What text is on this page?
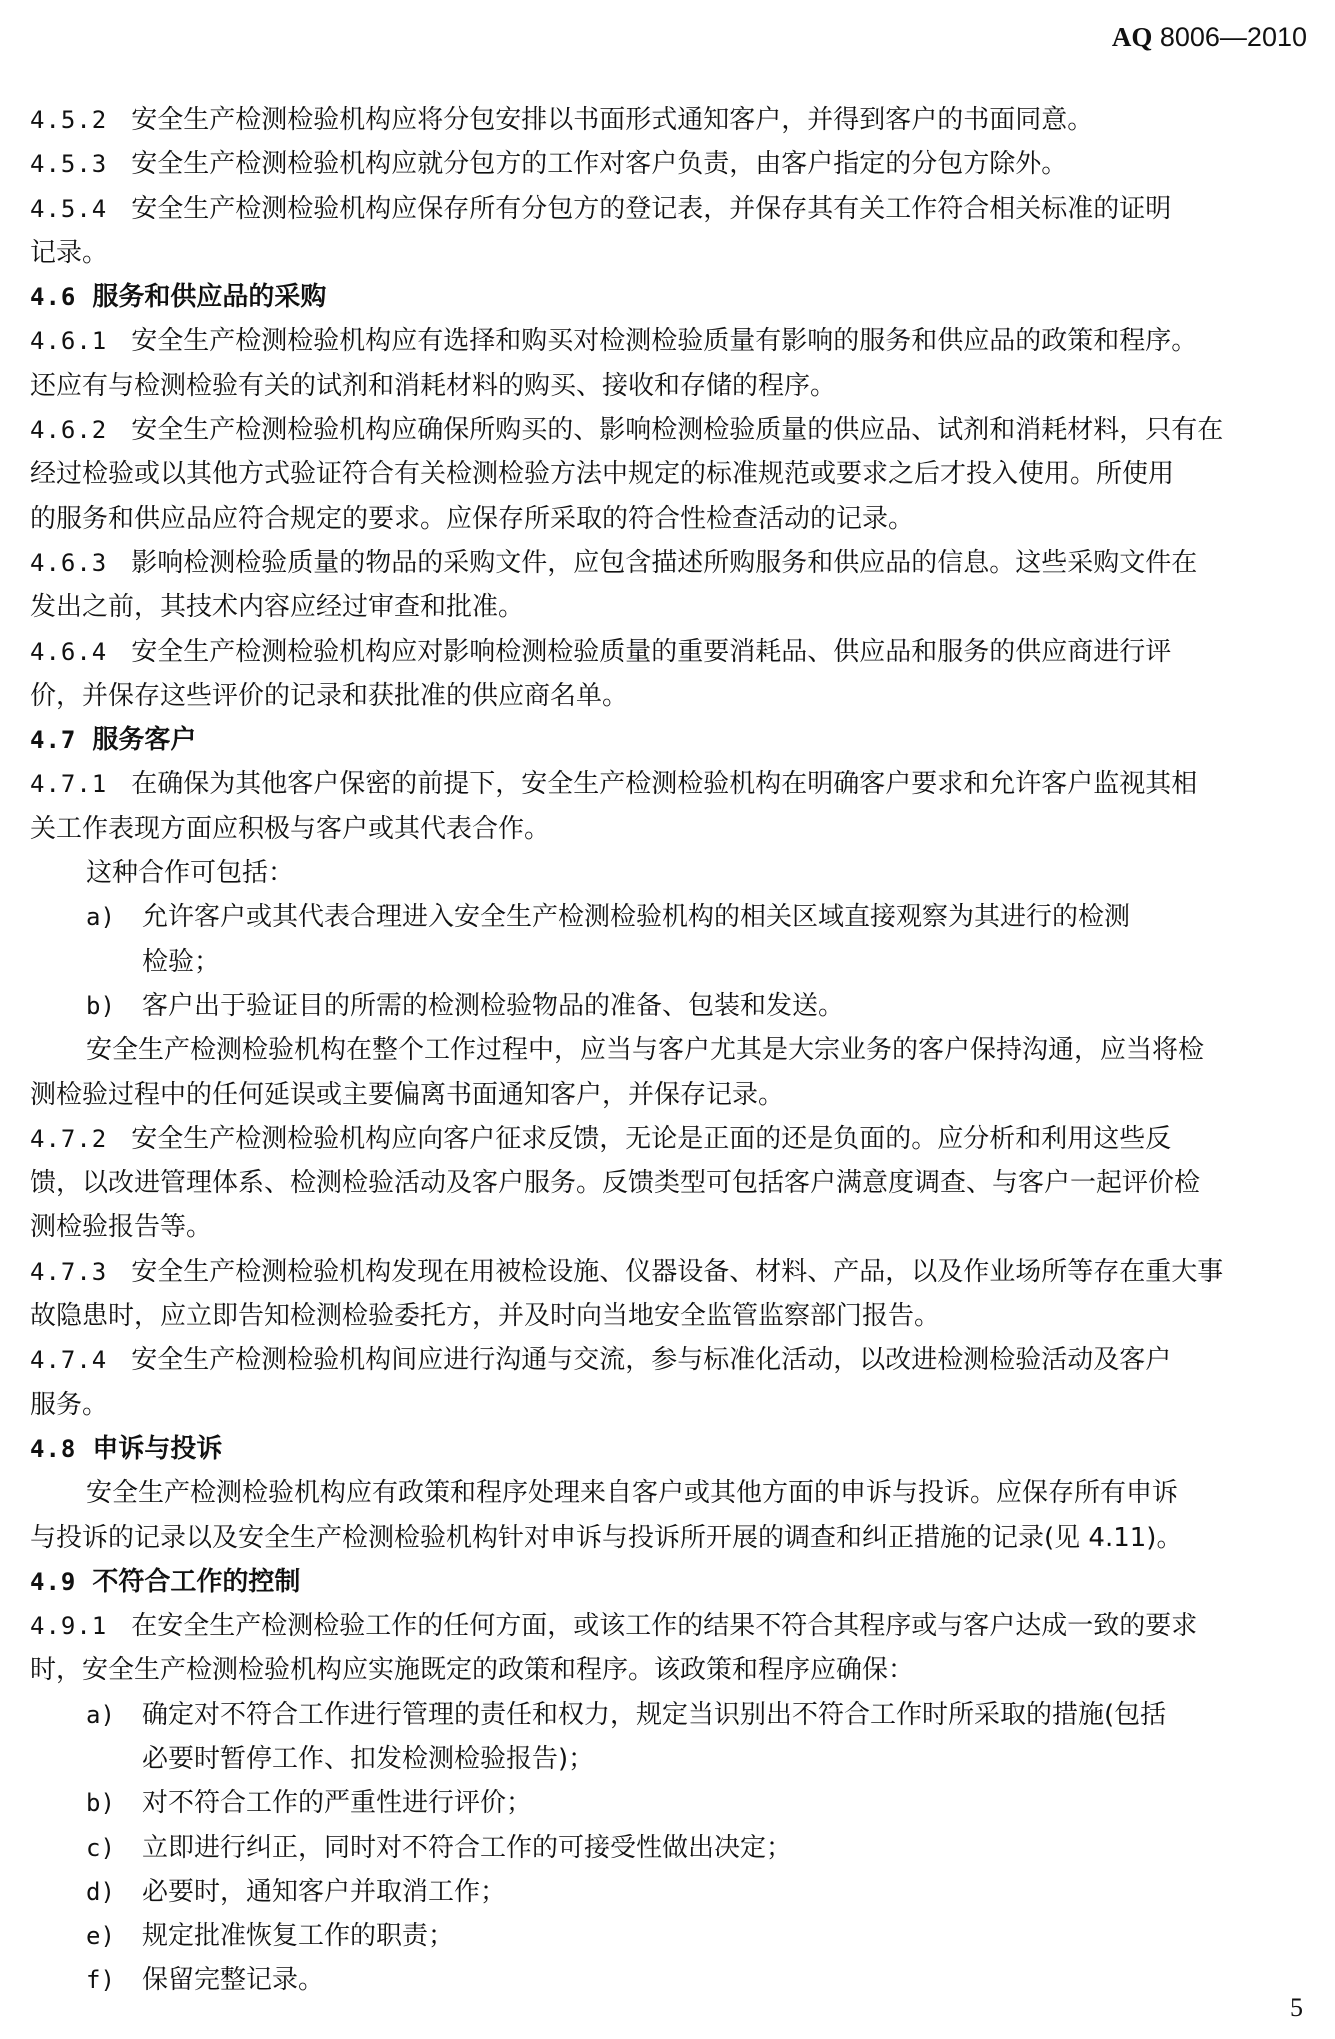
AQ 8006—2010
4.5.2 安全生产检测检验机构应将分包安排以书面形式通知客户，并得到客户的书面同意。
4.5.3 安全生产检测检验机构应就分包方的工作对客户负责，由客户指定的分包方除外。
4.5.4 安全生产检测检验机构应保存所有分包方的登记表，并保存其有关工作符合相关标准的证明
记录。
4.6 服务和供应品的采购
4.6.1 安全生产检测检验机构应有选择和购买对检测检验质量有影响的服务和供应品的政策和程序。
还应有与检测检验有关的试剂和消耗材料的购买、接收和存储的程序。
4.6.2 安全生产检测检验机构应确保所购买的、影响检测检验质量的供应品、试剂和消耗材料，只有在
经过检验或以其他方式验证符合有关检测检验方法中规定的标准规范或要求之后才投入使用。所使用
的服务和供应品应符合规定的要求。应保存所采取的符合性检查活动的记录。
4.6.3 影响检测检验质量的物品的采购文件，应包含描述所购服务和供应品的信息。这些采购文件在
发出之前，其技术内容应经过审查和批准。
4.6.4 安全生产检测检验机构应对影响检测检验质量的重要消耗品、供应品和服务的供应商进行评
价，并保存这些评价的记录和获批准的供应商名单。
4.7 服务客户
4.7.1 在确保为其他客户保密的前提下，安全生产检测检验机构在明确客户要求和允许客户监视其相
关工作表现方面应积极与客户或其代表合作。
这种合作可包括：
a) 允许客户或其代表合理进入安全生产检测检验机构的相关区域直接观察为其进行的检测
检验；
b) 客户出于验证目的所需的检测检验物品的准备、包装和发送。
安全生产检测检验机构在整个工作过程中，应当与客户尤其是大宗业务的客户保持沟通，应当将检
测检验过程中的任何延误或主要偏离书面通知客户，并保存记录。
4.7.2 安全生产检测检验机构应向客户征求反馈，无论是正面的还是负面的。应分析和利用这些反
馈，以改进管理体系、检测检验活动及客户服务。反馈类型可包括客户满意度调查、与客户一起评价检
测检验报告等。
4.7.3 安全生产检测检验机构发现在用被检设施、仪器设备、材料、产品，以及作业场所等存在重大事
故隐患时，应立即告知检测检验委托方，并及时向当地安全监管监察部门报告。
4.7.4 安全生产检测检验机构间应进行沟通与交流，参与标准化活动，以改进检测检验活动及客户
服务。
4.8 申诉与投诉
安全生产检测检验机构应有政策和程序处理来自客户或其他方面的申诉与投诉。应保存所有申诉
与投诉的记录以及安全生产检测检验机构针对申诉与投诉所开展的调查和纠正措施的记录(见 4.11)。
4.9 不符合工作的控制
4.9.1 在安全生产检测检验工作的任何方面，或该工作的结果不符合其程序或与客户达成一致的要求
时，安全生产检测检验机构应实施既定的政策和程序。该政策和程序应确保：
a) 确定对不符合工作进行管理的责任和权力，规定当识别出不符合工作时所采取的措施(包括
必要时暂停工作、扣发检测检验报告)；
b) 对不符合工作的严重性进行评价；
c) 立即进行纠正，同时对不符合工作的可接受性做出决定；
d) 必要时，通知客户并取消工作；
e) 规定批准恢复工作的职责；
f) 保留完整记录。
5
